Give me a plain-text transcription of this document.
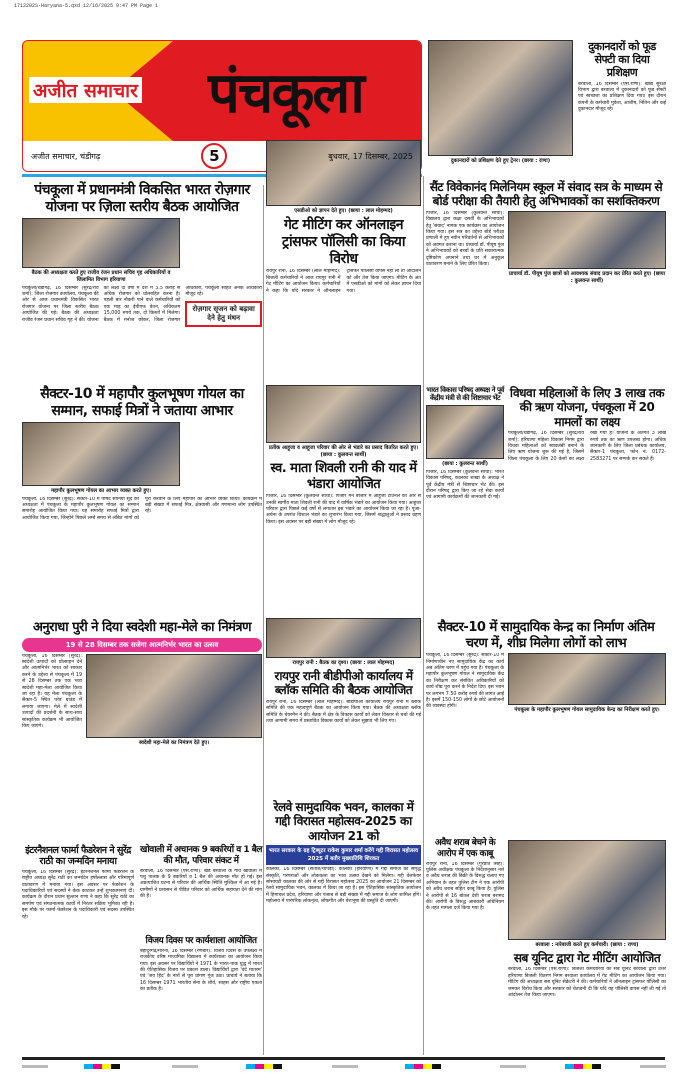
1712202S-Haryana-5.qxd 12/16/2025 9:47 PM Page 1
अजीत समाचार पंचकूला
अजीत समाचार, चंडीगढ़	5	बुधवार, 17 दिसम्बर, 2025
दुकानदारों को प्रशिक्षण देते हुए ट्रेनर। (छाया : राणा)
दुकानदारों को फूड सेफ्टी का दिया प्रशिक्षण
बरवाला, 16 दिसम्बर (एस.राणा): खाद्य सुरक्षा विभाग द्वारा बरवाला में दुकानदारों को फूड सेफ्टी एवं स्वच्छता का प्रशिक्षण दिया गया। इस दौरान कंपनी के कर्मचारी मुकेश, आशीष, नितिन और कई दुकानदार मौजूद रहे।
पंचकूला में प्रधानमंत्री विकसित भारत रोज़गार योजना पर ज़िला स्तरीय बैठक आयोजित
बैठक की अध्यक्षता करते हुए राजीव रंजन प्रधान सचिव गृह अधिकारियों व जिलामित विभाग हरियाणा
पंचकूला/चंडीगढ़, 16 दिसम्बर (सुरेंद्र/रवि शर्मा): जिला रोजगार कार्यालय, पंचकूला की ओर से आज प्रधानमंत्री विकसित भारत रोजगार योजना पर जिला स्तरीय बैठक आयोजित की गई। बैठक की अध्यक्षता राजीव रंजन प्रधान सचिव गृह ने की। योजना का लक्ष्य दो वर्षों में देश में 3.5 करोड़ से अधिक रोजगार को प्रोत्साहित करना है। पहली बार नौकरी पाने वाले कर्मचारियों को एक माह का ईपीएफ वेतन, अधिकतम 15,000 रुपये तक, दो किस्तों में मिलेगा। बैठक में मनोज छोकर, जिला रोजगार अधिकारी, पंचकूला सहित अनेक अधिकारी मौजूद रहे।
रोज़गार सृजन को बढ़ावा देने हेतु मंथन
एसडीओ को ज्ञापन देते हुए। (छाया : लाल मोहम्मद)
गेट मीटिंग कर ऑनलाइन ट्रांसफर पॉलिसी का किया विरोध
रायपुर रानी, 16 दिसम्बर (लाल मोहम्मद): बिजली कर्मचारियों ने आज रायपुर रानी में गेट मीटिंग का आयोजन किया। कर्मचारियों ने कहा कि यदि सरकार ने ऑनलाइन ट्रांसफर पॉलिसी वापस नहीं ली तो आंदोलन को और तेज किया जाएगा। मीटिंग के अंत में एसडीओ को मांगों को लेकर ज्ञापन दिया गया।
सैंट विवेकानंद मिलेनियम स्कूल में संवाद सत्र के माध्यम से बोर्ड परीक्षा की तैयारी हेतु अभिभावकों का सशक्तिकरण
पिंजौर, 16 दिसम्बर (कुलवन्त सार्थी): विद्यालय द्वारा कक्षा दसवीं के अभिभावकों हेतु 'संवाद' नामक एक कार्यक्रम का आयोजन किया गया। इस सत्र का उद्देश्य बोर्ड परीक्षा प्रणाली में हुए नवीन परिवर्तनों से अभिभावकों को अवगत कराना था। प्राचार्या डॉ. पीयूष पुंज ने अभिभावकों को बच्चों के प्रति सकारात्मक दृष्टिकोण अपनाने तथा घर में अनुकूल वातावरण बनाने के लिए प्रेरित किया।
प्राचार्या डॉ. पीयूष पुंज छात्रों को आवश्यक संवाद प्रदान कर प्रेरित करते हुए। (छाया : कुलवन्त सार्थी)
सैक्टर-10 में महापौर कुलभूषण गोयल का सम्मान, सफाई मित्रों ने जताया आभार
महापौर कुलभूषण गोयल का आभार व्यक्त करते हुए।
पंचकूला, 16 दिसम्बर (सुरेंद्र): सैक्टर-10 में पार्षद सोनिया सूद की अध्यक्षता में पंचकूला के महापौर कुलभूषण गोयल का सम्मान समारोह आयोजित किया गया। यह समारोह सफाई मित्रों द्वारा आयोजित किया गया, जिन्होंने पिछले लम्बे समय से लंबित मांगों को पूरा करवाने के लिए महापौर का आभार व्यक्त किया। कार्यक्रम में बड़ी संख्या में सफाई मित्र, क्षेत्रवासी और गणमान्य लोग उपस्थित रहे।
प्रतीक आहूजा व आहूजा परिवार की ओर से भंडारे का प्रसाद वितरित करते हुए। (छाया : कुलवन्त सार्थी)
स्व. माता शिवली रानी की याद में भंडारा आयोजित
पिंजौर, 16 दिसम्बर (कुलवन्त सार्थी): पिंजौर मेन बाजार में आहूजा टाउनल की ओर से उनकी स्वर्गीय माता शिवली रानी की याद में वार्षिक भंडारे का आयोजन किया गया। आहूजा परिवार द्वारा पिछले कई वर्षों से लगातार इस भंडारे का आयोजन किया जा रहा है। पूजा-अर्चना के उपरांत विशाल भंडारे का शुभारंभ किया गया, जिसमें श्रद्धालुओं ने प्रसाद ग्रहण किया। इस अवसर पर बड़ी संख्या में लोग मौजूद रहे।
भारत विकास परिषद् अध्यक्ष ने पूर्व केंद्रीय मंत्री से की शिष्टाचार भेंट
(छाया : कुलवन्त सार्थी)
पिंजौर, 16 दिसम्बर (कुलवन्त सार्थी): भारत विकास परिषद्, कालका शाखा के अध्यक्ष ने पूर्व केंद्रीय मंत्री से शिष्टाचार भेंट की। इस दौरान परिषद् द्वारा किए जा रहे सेवा कार्यों एवं आगामी कार्यक्रमों की जानकारी दी गई।
विधवा महिलाओं के लिए 3 लाख तक की ऋण योजना, पंचकूला में 20 मामलों का लक्ष्य
पंचकूला/चंडीगढ़, 16 दिसम्बर (सुरेंद्र/रवि शर्मा): हरियाणा महिला विकास निगम द्वारा विधवा महिलाओं को स्वावलंबी बनाने के लिए ऋण योजना शुरू की गई है, जिसमें जिला पंचकूला के लिए 20 केसों का लक्ष्य रखा गया है। योजना के अंतर्गत 3 लाख रुपये तक का ऋण उपलब्ध होगा। अधिक जानकारी के लिए जिला प्रबंधक कार्यालय, सैक्टर-1 पंचकूला, फोन नं. 0172-2583271 पर सम्पर्क कर सकते हैं।
अनुराधा पुरी ने दिया स्वदेशी महा-मेले का निमंत्रण
19 से 28 दिसम्बर तक सजेगा आत्मनिर्भर भारत का उत्सव
पंचकूला, 16 दिसम्बर (सुरेंद्र): स्वदेशी उत्पादों को प्रोत्साहन देने और आत्मनिर्भर भारत को साकार करने के उद्देश्य से पंचकूला में 19 से 28 दिसम्बर तक एक भव्य स्वदेशी महा-मेला आयोजित किया जा रहा है। यह मेला पंचकूला के सैक्टर-5 स्थित परेड ग्राउंड में लगाया जाएगा। मेले में स्वदेशी उत्पादों की प्रदर्शनी के साथ-साथ सांस्कृतिक कार्यक्रम भी आयोजित किए जाएंगे।
स्वदेशी महा-मेले का निमंत्रण देते हुए।
रायपुर रानी : बैठक का दृश्य। (छाया : लाल मोहम्मद)
रायपुर रानी बीडीपीओ कार्यालय में ब्लॉक समिति की बैठक आयोजित
रायपुर रानी, 16 दिसम्बर (लाल मोहम्मद): बीडीपीओ कार्यालय रायपुर रानी में ब्लॉक समिति की एक महत्वपूर्ण बैठक का आयोजन किया गया। बैठक की अध्यक्षता ब्लॉक समिति के चेयरमैन ने की। बैठक में क्षेत्र के विकास कार्यों को लेकर विस्तार से चर्चा की गई तथा आगामी समय में प्रस्तावित विकास कार्यों को लेकर सुझाव भी लिए गए।
सैक्टर-10 में सामुदायिक केन्द्र का निर्माण अंतिम चरण में, शीघ्र मिलेगा लोगों को लाभ
पंचकूला, 16 दिसम्बर (सुरेंद्र): सैक्टर-10 में निर्माणाधीन नए सामुदायिक केंद्र का कार्य अब अंतिम चरण में पहुंच गया है। पंचकूला के महापौर कुलभूषण गोयल ने सामुदायिक केंद्र का निरीक्षण कर संबंधित अधिकारियों को कार्य शीघ्र पूरा करने के निर्देश दिए। इस भवन पर लगभग 7.50 करोड़ रुपये की लागत आई है। इसमें 150-150 लोगों के छोटे आयोजनों की व्यवस्था होगी।
पंचकूला के महापौर कुलभूषण गोयल सामुदायिक केन्द्र का निरीक्षण करते हुए।
रेलवे सामुदायिक भवन, कालका में गद्दी विरासत महोत्सव-2025 का आयोजन 21 को
भारत सरकार के ग्रह ट्रिब्यूटर राकेश कुमार शर्मा करेंगे गद्दी विरासत महोत्सव 2025 में बतौर मुख्यातिथि शिरकत
कालका, 16 दिसम्बर (सतीश/चोपड़ा): कालका (हरियाणा) में गद्दी समाज की समृद्ध संस्कृति, परंपराओं और लोककला का भव्य उत्सव देखने को मिलेगा। गद्दी वेलफेयर सोसायटी कालका की ओर से गद्दी विरासत महोत्सव 2025 का आयोजन 21 दिसम्बर को रेलवे सामुदायिक भवन, कालका में किया जा रहा है। इस ऐतिहासिक सांस्कृतिक आयोजन में हिमाचल प्रदेश, हरियाणा और पंजाब से बड़ी संख्या में गद्दी समाज के लोग शामिल होंगे। महोत्सव में पारंपरिक लोकनृत्य, लोकगीत और वेशभूषा की प्रस्तुति दी जाएगी।
इंटरनैशनल फार्मा फैडरेशन ने सुरेंद्र राठी का जन्मदिन मनाया
पंचकूला, 16 दिसम्बर (सुरेंद्र): इंटरनैशनल फार्मा फैडरेशन के राष्ट्रीय अध्यक्ष सुरेंद्र राठी का जन्मदिन हर्षोल्लास और गरिमापूर्ण वातावरण में मनाया गया। इस अवसर पर फेडरेशन के पदाधिकारियों एवं सदस्यों ने केक काटकर उन्हें शुभकामनाएं दीं। कार्यक्रम के दौरान प्रधान सुल्तान राणा ने कहा कि सुरेंद्र राठी का समर्पण एवं संगठनात्मक कार्यों में निरंतर सक्रिय भूमिका रही है। इस मौके पर फार्मा फेडरेशन के पदाधिकारी एवं सदस्य उपस्थित रहे।
खोवाली में अचानक 9 बकरियों व 1 बैल की मौत, परिवार संकट में
बरवाला, 16 दिसम्बर (एस.राणा): खंड बरवाला के गांव खोवाली में पशु पालक के 9 बकरियों व 1 बैल की अचानक मौत हो गई। इस अप्रत्याशित घटना से परिवार की आर्थिक स्थिति मुश्किल में आ गई है। ग्रामीणों ने प्रशासन से पीड़ित परिवार को आर्थिक सहायता देने की मांग की है।
विजय दिवस पर कार्यशाला आयोजित
बहादुरगढ़/मोरनी, 16 दिसम्बर (रणबीर): विजय दिवस के उपलक्ष्य में राजकीय वरिष्ठ माध्यमिक विद्यालय में कार्यशाला का आयोजन किया गया। इस अवसर पर विद्यार्थियों ने 1971 के भारत-पाक युद्ध में भारत की ऐतिहासिक विजय पर प्रकाश डाला। विद्यार्थियों द्वारा 'वंदे मातरम' एवं 'जय हिंद' के नारों से पूरा प्रांगण गूंज उठा। प्राचार्य ने बताया कि 16 दिसम्बर 1971 भारतीय सेना के शौर्य, साहस और राष्ट्रीय एकता का प्रतीक है।
अवैध शराब बेचने के आरोप में एक काबू
रायपुर रानी, 16 दिसम्बर (गुरप्रीत सिंह): पुलिस अधीक्षक पंचकूला के निर्देशानुसार नशे व अवैध शराब की बिक्री के विरुद्ध चलाए गए अभियान के तहत पुलिस टीम ने एक आरोपी को अवैध शराब सहित काबू किया है। पुलिस ने आरोपी से 16 बोतल देशी शराब बरामद की। आरोपी के विरुद्ध आबकारी अधिनियम के तहत मामला दर्ज किया गया है।
बरवाला : नारेबाजी करते हुए कर्मचारी। (छाया : राणा)
सब यूनिट द्वारा गेट मीटिंग आयोजित
बरवाला, 16 दिसम्बर (एस.राणा): बिजली कर्मचारियों की सब यूनिट बरवाला द्वारा उत्तर हरियाणा बिजली वितरण निगम बरवाला कार्यालय में गेट मीटिंग का आयोजन किया गया। मीटिंग की अध्यक्षता सब यूनिट सेक्रेटरी ने की। कर्मचारियों ने ऑनलाइन ट्रांसफर पॉलिसी का जमकर विरोध किया और सरकार को चेतावनी दी कि यदि यह पॉलिसी वापस नहीं ली गई तो आंदोलन तेज किया जाएगा।
